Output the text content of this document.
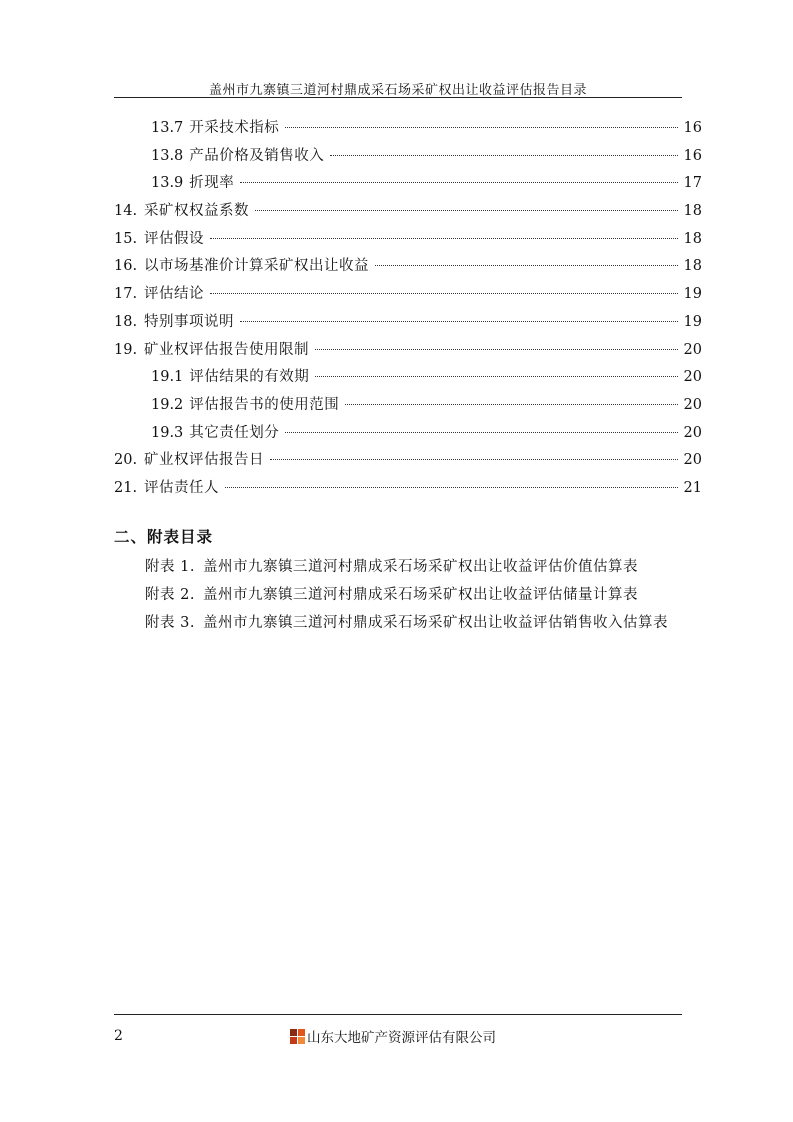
盖州市九寨镇三道河村鼎成采石场采矿权出让收益评估报告目录
13.7 开采技术指标	16
13.8 产品价格及销售收入	16
13.9 折现率	17
14. 采矿权权益系数	18
15. 评估假设	18
16. 以市场基准价计算采矿权出让收益	18
17. 评估结论	19
18. 特别事项说明	19
19. 矿业权评估报告使用限制	20
19.1 评估结果的有效期	20
19.2 评估报告书的使用范围	20
19.3 其它责任划分	20
20. 矿业权评估报告日	20
21. 评估责任人	21
二、附表目录
附表 1. 盖州市九寨镇三道河村鼎成采石场采矿权出让收益评估价值估算表
附表 2. 盖州市九寨镇三道河村鼎成采石场采矿权出让收益评估储量计算表
附表 3. 盖州市九寨镇三道河村鼎成采石场采矿权出让收益评估销售收入估算表
2	山东大地矿产资源评估有限公司
